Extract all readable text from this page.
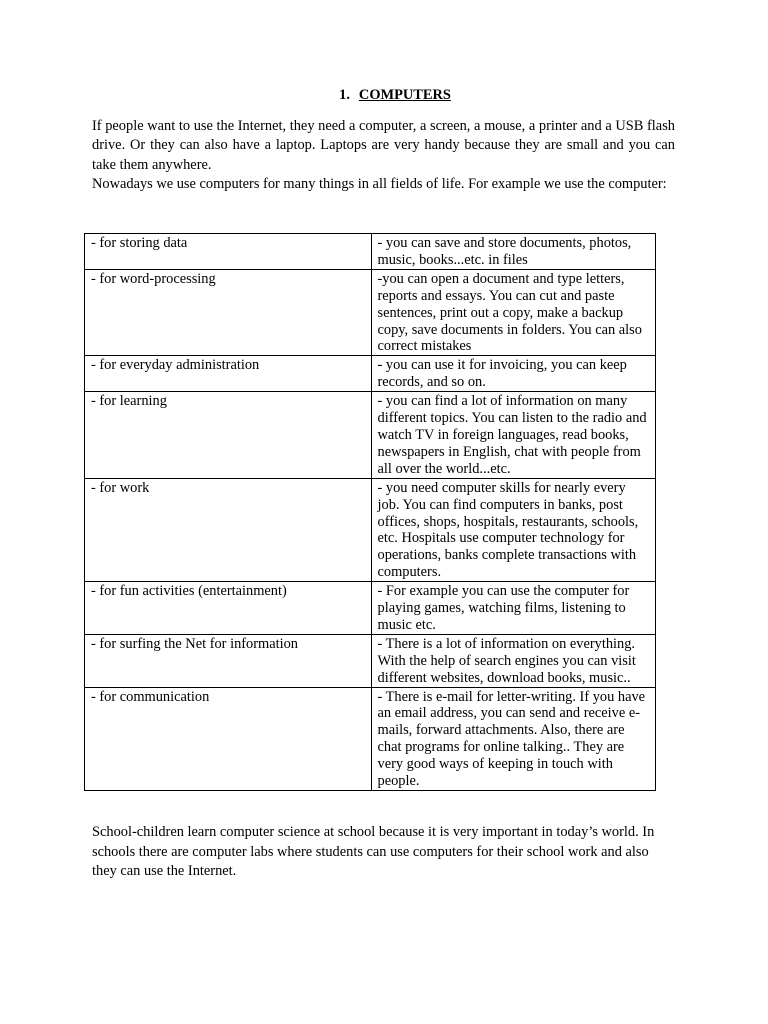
1. COMPUTERS

If people want to use the Internet, they need a computer, a screen, a mouse, a printer and a USB flash drive. Or they can also have a laptop. Laptops are very handy because they are small and you can take them anywhere.

Nowadays we use computers for many things in all fields of life. For example we use the computer:

- for storing data	- you can save and store documents, photos, music, books...etc. in files
- for word-processing	-you can open a document and type letters, reports and essays. You can cut and paste sentences, print out a copy, make a backup copy, save documents in folders. You can also correct mistakes
- for everyday administration	- you can use it for invoicing, you can keep records, and so on.
- for learning	- you can find a lot of information on many different topics. You can listen to the radio and watch TV in foreign languages, read books, newspapers in English, chat with people from all over the world...etc.
- for work	- you need computer skills for nearly every job. You can find computers in banks, post offices, shops, hospitals, restaurants, schools, etc. Hospitals use computer technology for operations, banks complete transactions with computers.
- for fun activities (entertainment)	- For example you can use the computer for playing games, watching films, listening to music etc.
- for surfing the Net for information	- There is a lot of information on everything. With the help of search engines you can visit different websites, download books, music..
- for communication	- There is e-mail for letter-writing. If you have an email address, you can send and receive e-mails, forward attachments. Also, there are chat programs for online talking.. They are very good ways of keeping in touch with people.

School-children learn computer science at school because it is very important in today’s world. In schools there are computer labs where students can use computers for their school work and also they can use the Internet.
